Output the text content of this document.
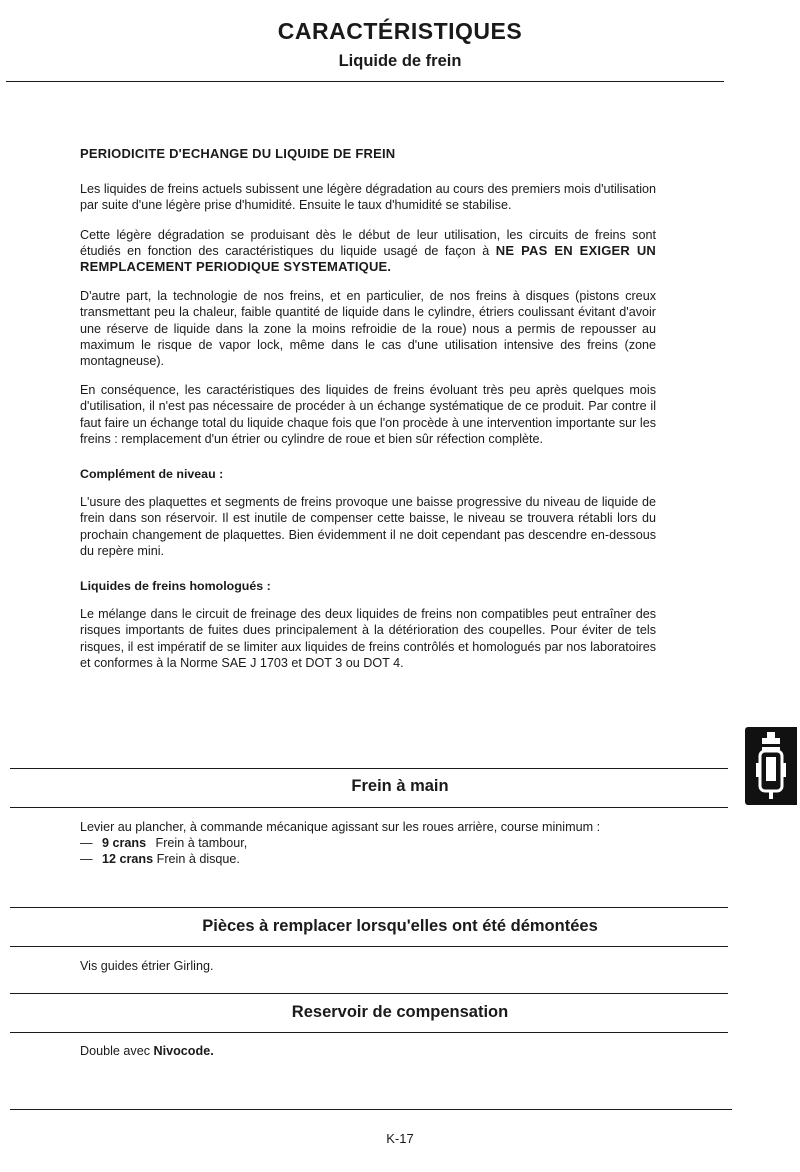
CARACTÉRISTIQUES
Liquide de frein
PERIODICITE D'ECHANGE DU LIQUIDE DE FREIN

Les liquides de freins actuels subissent une légère dégradation au cours des premiers mois d'utilisation par suite d'une légère prise d'humidité. Ensuite le taux d'humidité se stabilise.

Cette légère dégradation se produisant dès le début de leur utilisation, les circuits de freins sont étudiés en fonction des caractéristiques du liquide usagé de façon à NE PAS EN EXIGER UN REMPLACEMENT PERIODIQUE SYSTEMATIQUE.

D'autre part, la technologie de nos freins, et en particulier, de nos freins à disques (pistons creux transmettant peu la chaleur, faible quantité de liquide dans le cylindre, étriers coulissant évitant d'avoir une réserve de liquide dans la zone la moins refroidie de la roue) nous a permis de repousser au maximum le risque de vapor lock, même dans le cas d'une utilisation intensive des freins (zone montagneuse).

En conséquence, les caractéristiques des liquides de freins évoluant très peu après quelques mois d'utilisation, il n'est pas nécessaire de procéder à un échange systématique de ce produit. Par contre il faut faire un échange total du liquide chaque fois que l'on procède à une intervention importante sur les freins : remplacement d'un étrier ou cylindre de roue et bien sûr réfection complète.

Complément de niveau :

L'usure des plaquettes et segments de freins provoque une baisse progressive du niveau de liquide de frein dans son réservoir. Il est inutile de compenser cette baisse, le niveau se trouvera rétabli lors du prochain changement de plaquettes. Bien évidemment il ne doit cependant pas descendre en-dessous du repère mini.

Liquides de freins homologués :

Le mélange dans le circuit de freinage des deux liquides de freins non compatibles peut entraîner des risques importants de fuites dues principalement à la détérioration des coupelles. Pour éviter de tels risques, il est impératif de se limiter aux liquides de freins contrôlés et homologués par nos laboratoires et conformes à la Norme SAE J 1703 et DOT 3 ou DOT 4.

Frein à main

Levier au plancher, à commande mécanique agissant sur les roues arrière, course minimum :

— 9 crans Frein à tambour,
— 12 crans Frein à disque.
Pièces à remplacer lorsqu'elles ont été démontées

Vis guides étrier Girling.

Reservoir de compensation

Double avec Nivocode.

K-17
